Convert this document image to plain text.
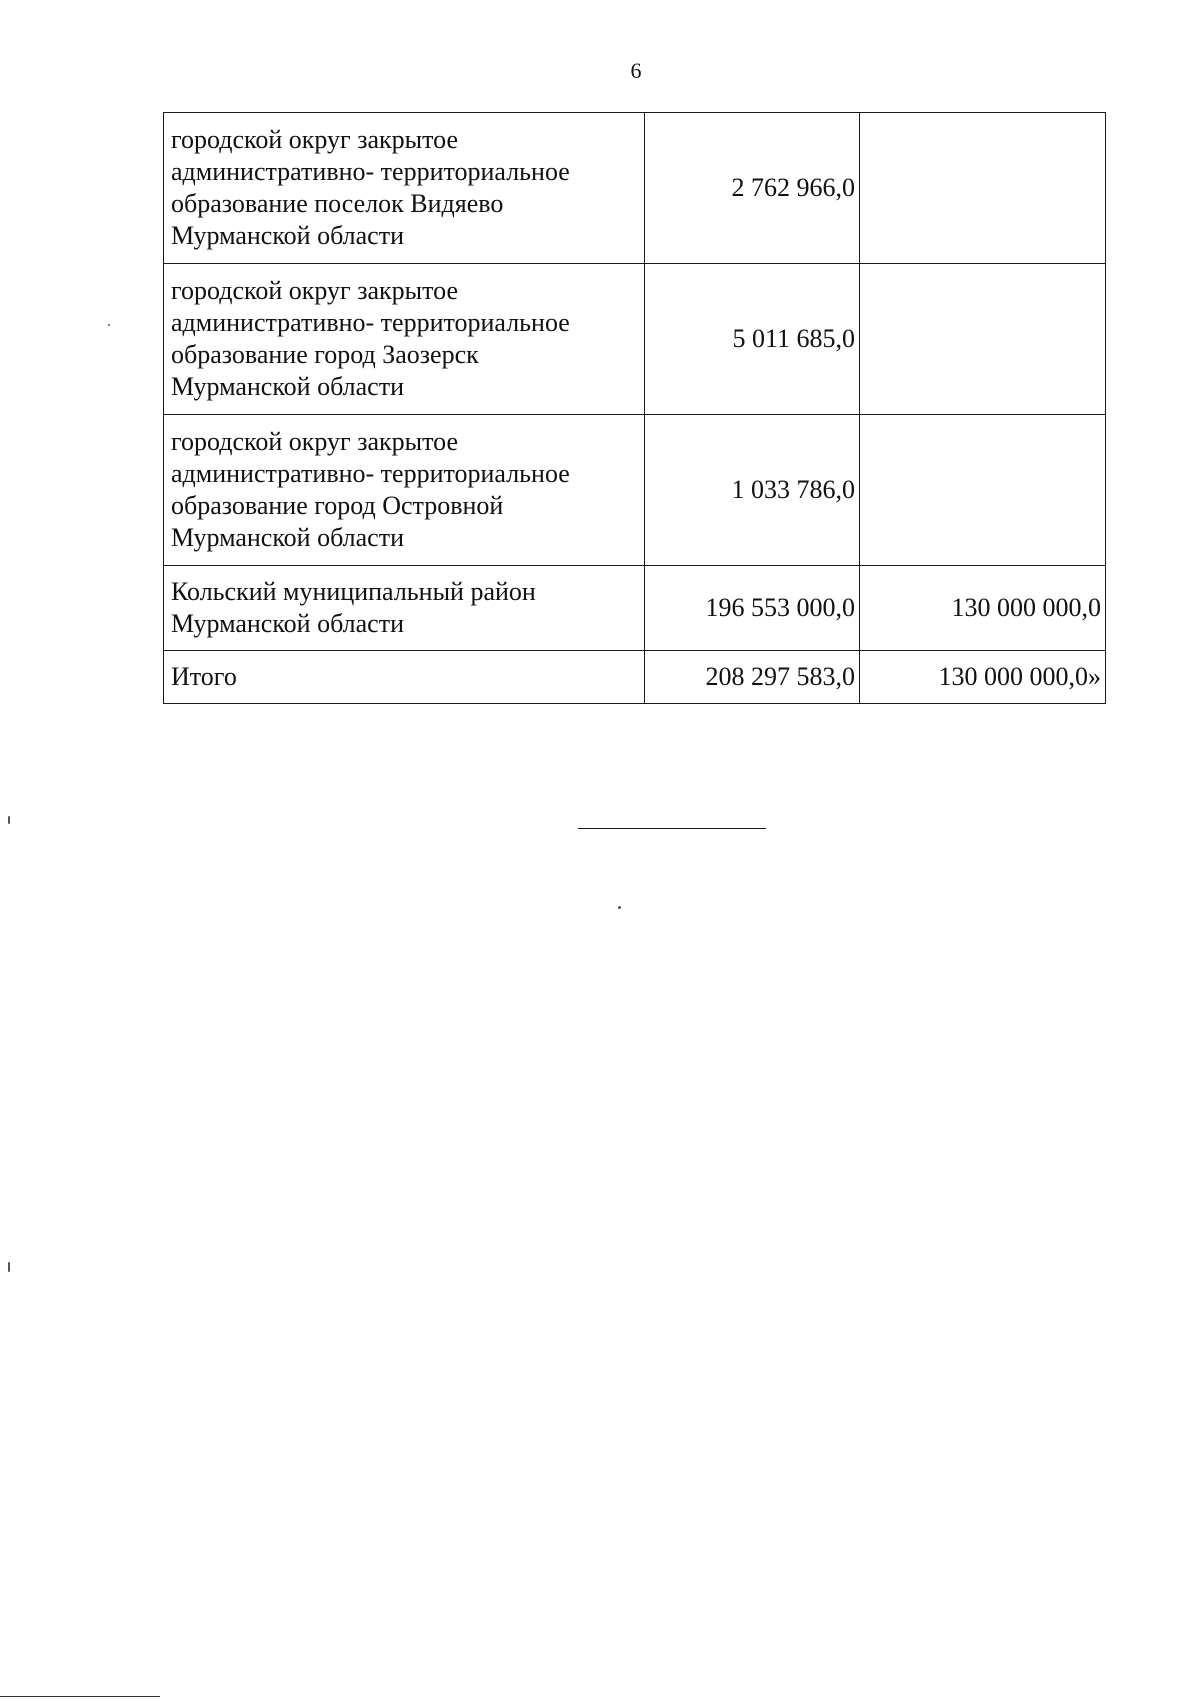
6
городской округ закрытое
административно- территориальное
образование поселок Видяево
Мурманской области	2 762 966,0	

городской округ закрытое
административно- территориальное
образование город Заозерск
Мурманской области	5 011 685,0	

городской округ закрытое
административно- территориальное
образование город Островной
Мурманской области	1 033 786,0	

Кольский муниципальный район
Мурманской области	196 553 000,0	130 000 000,0

Итого	208 297 583,0	130 000 000,0»
